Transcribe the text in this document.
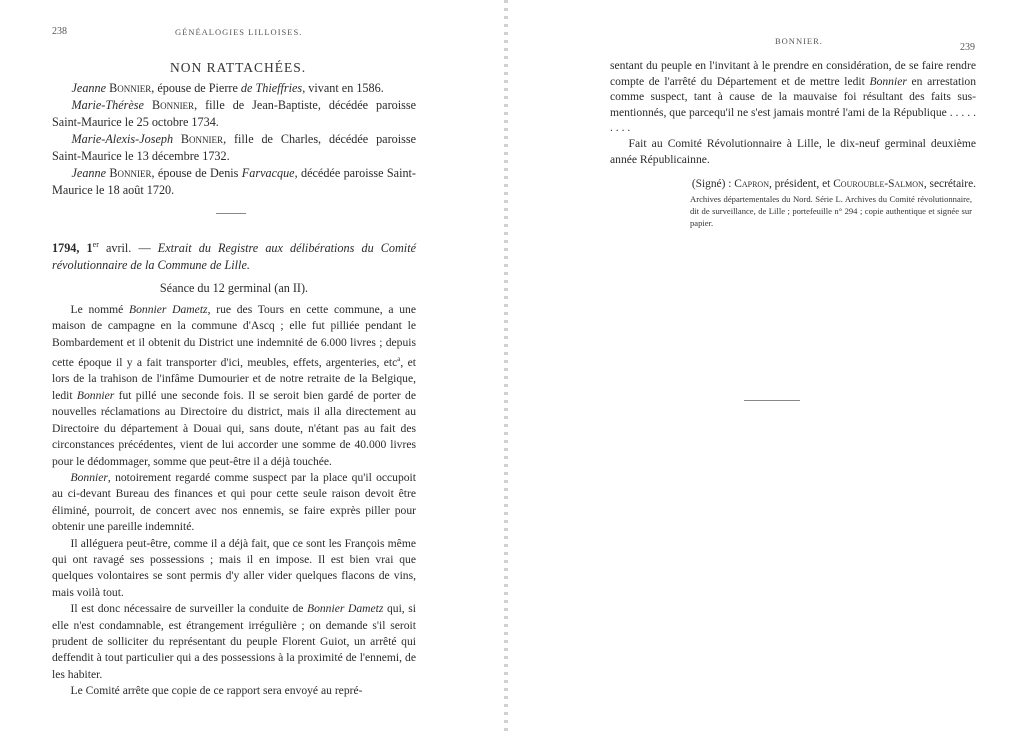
238	GÉNÉALOGIES LILLOISES.
NON RATTACHÉES.

Jeanne Bonnier, épouse de Pierre de Thieffries, vivant en 1586.

Marie-Thérèse Bonnier, fille de Jean-Baptiste, décédée paroisse Saint-Maurice le 25 octobre 1734.

Marie-Alexis-Joseph Bonnier, fille de Charles, décédée paroisse Saint-Maurice le 13 décembre 1732.

Jeanne Bonnier, épouse de Denis Farvacque, décédée paroisse Saint-Maurice le 18 août 1720.

1794, 1er avril. — Extrait du Registre aux délibérations du Comité révolutionnaire de la Commune de Lille.

Séance du 12 germinal (an II).

Le nommé Bonnier Dametz, rue des Tours en cette commune, a une maison de campagne en la commune d'Ascq ; elle fut pilliée pendant le Bombardement et il obtenit du District une indemnité de 6.000 livres ; depuis cette époque il y a fait transporter d'ici, meubles, effets, argenteries, etc$^a$, et lors de la trahison de l'infâme Dumourier et de notre retraite de la Belgique, ledit Bonnier fut pillé une seconde fois. Il se seroit bien gardé de porter de nouvelles réclamations au Directoire du district, mais il alla directement au Directoire du département à Douai qui, sans doute, n'étant pas au fait des circonstances précédentes, vient de lui accorder une somme de 40.000 livres pour le dédommager, somme que peut-être il a déjà touchée.

Bonnier, notoirement regardé comme suspect par la place qu'il occupoit au ci-devant Bureau des finances et qui pour cette seule raison devoit être éliminé, pourroit, de concert avec nos ennemis, se faire exprès piller pour obtenir une pareille indemnité.

Il alléguera peut-être, comme il a déjà fait, que ce sont les François même qui ont ravagé ses possessions ; mais il en impose. Il est bien vrai que quelques volontaires se sont permis d'y aller vider quelques flacons de vins, mais voilà tout.

Il est donc nécessaire de surveiller la conduite de Bonnier Dametz qui, si elle n'est condamnable, est étrangement irrégulière ; on demande s'il seroit prudent de solliciter du représentant du peuple Florent Guiot, un arrêté qui deffendit à tout particulier qui a des possessions à la proximité de l'ennemi, de les habiter.

Le Comité arrête que copie de ce rapport sera envoyé au repré-

BONNIER.
239

sentant du peuple en l'invitant à le prendre en considération, de se faire rendre compte de l'arrêté du Département et de mettre ledit Bonnier en arrestation comme suspect, tant à cause de la mauvaise foi résultant des faits sus-mentionnés, que parcequ'il ne s'est jamais montré l'ami de la République . . . . . . . . .

Fait au Comité Révolutionnaire à Lille, le dix-neuf germinal deuxième année Républicainne.

(Signé) : Capron, président, et Courouble-Salmon, secrétaire.
Archives départementales du Nord. Série L. Archives du Comité révolutionnaire, dit de surveillance, de Lille ; portefeuille n° 294 ; copie authentique et signée sur papier.
